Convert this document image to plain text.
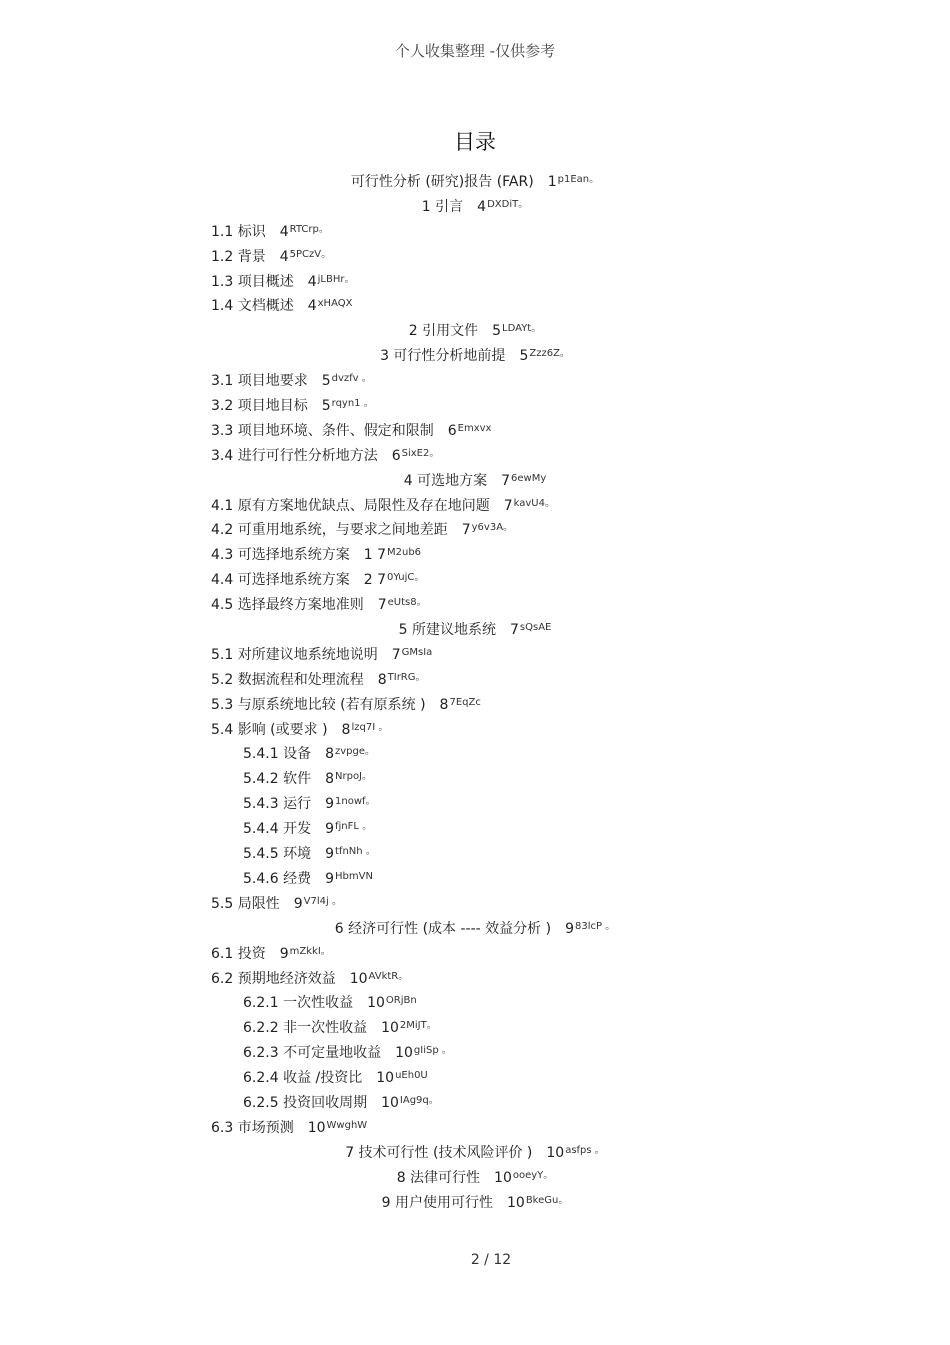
个人收集整理 -仅供参考
目录
可行性分析 (研究)报告 (FAR) $1^{p1Ean。}$
1 引言 $4^{DXDiT。}$
1.1 标识 $4^{RTCrp。}$
1.2 背景 $4^{5PCzV。}$
1.3 项目概述 $4^{jLBHr。}$
1.4 文档概述 $4^{xHAQX}$
2 引用文件 $5^{LDAYt。}$
3 可行性分析地前提 $5^{Zzz6Z。}$
3.1 项目地要求 $5^{dvzfv 。}$
3.2 项目地目标 $5^{rqyn1 。}$
3.3 项目地环境、条件、假定和限制 $6^{Emxvx}$
3.4 进行可行性分析地方法 $6^{SixE2。}$
4 可选地方案 $7^{6ewMy}$
4.1 原有方案地优缺点、局限性及存在地问题 $7^{kavU4。}$
4.2 可重用地系统，与要求之间地差距 $7^{y6v3A。}$
4.3 可选择地系统方案 1 $7^{M2ub6}$
4.4 可选择地系统方案 2 $7^{0YujC。}$
4.5 选择最终方案地准则 $7^{eUts8。}$
5 所建议地系统 $7^{sQsAE}$
5.1 对所建议地系统地说明 $7^{GMsIa}$
5.2 数据流程和处理流程 $8^{TIrRG。}$
5.3 与原系统地比较 (若有原系统 ) $8^{7EqZc}$
5.4 影响 (或要求 ) $8^{lzq7I 。}$
5.4.1 设备 $8^{zvpge。}$
5.4.2 软件 $8^{NrpoJ。}$
5.4.3 运行 $9^{1nowf。}$
5.4.4 开发 $9^{fjnFL 。}$
5.4.5 环境 $9^{tfnNh 。}$
5.4.6 经费 $9^{HbmVN}$
5.5 局限性 $9^{V7l4j 。}$
6 经济可行性 (成本 ---- 效益分析 ) $9^{83lcP 。}$
6.1 投资 $9^{mZkkI。}$
6.2 预期地经济效益 $10^{AVktR。}$
6.2.1 一次性收益 $10^{ORjBn}$
6.2.2 非一次性收益 $10^{2MiJT。}$
6.2.3 不可定量地收益 $10^{gIiSp 。}$
6.2.4 收益 /投资比 $10^{uEh0U}$
6.2.5 投资回收周期 $10^{IAg9q。}$
6.3 市场预测 $10^{WwghW}$
7 技术可行性 (技术风险评价 ) $10^{asfps 。}$
8 法律可行性 $10^{ooeyY。}$
9 用户使用可行性 $10^{BkeGu。}$
2 / 12
